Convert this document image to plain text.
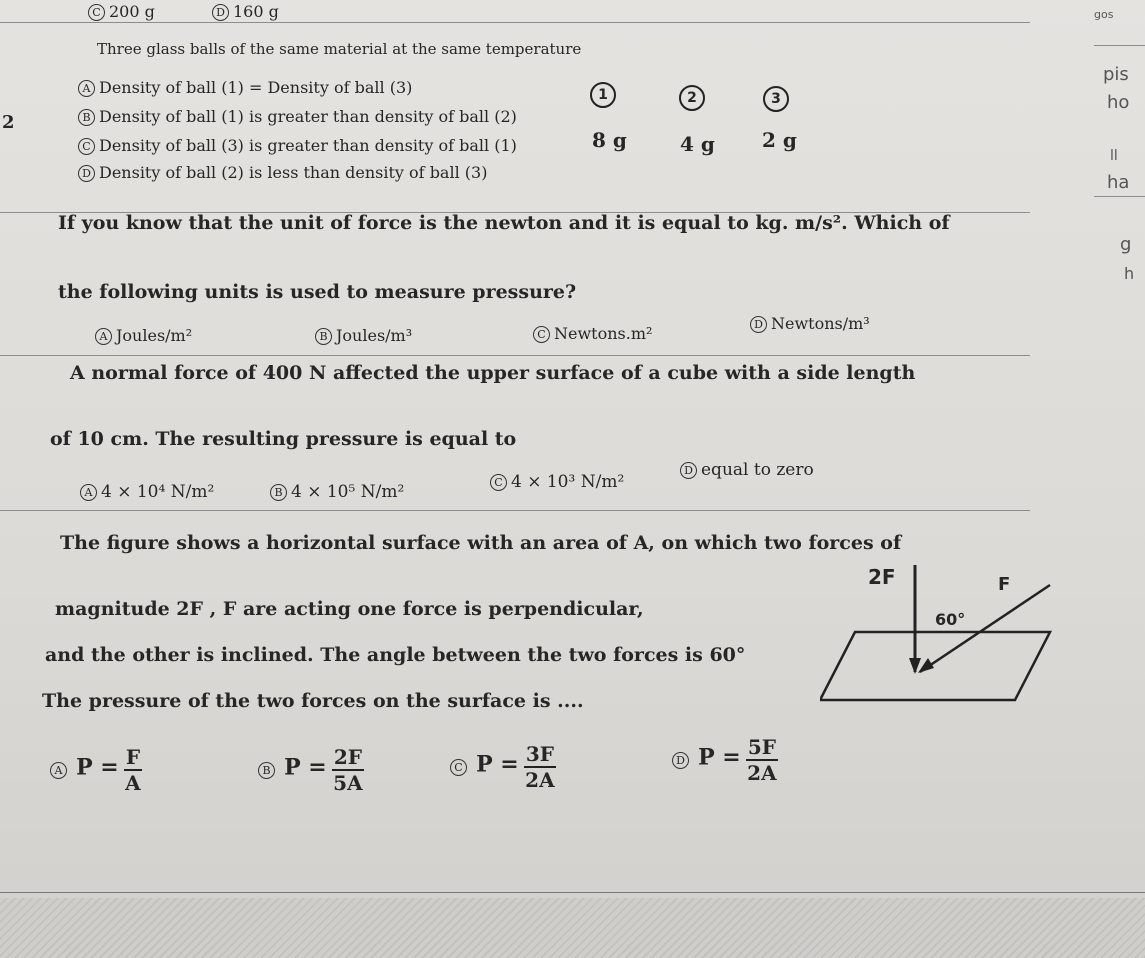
C 200 g	D 160 g	gos
Three glass balls of the same material at the same temperature
2
A Density of ball (1) = Density of ball (3)
B Density of ball (1) is greater than density of ball (2)
C Density of ball (3) is greater than density of ball (1)
D Density of ball (2) is less than density of ball (3)
1	2	3
8 g	4 g 2 g
If you know that the unit of force is the newton and it is equal to kg. m/s². Which of
the following units is used to measure pressure?
A Joules/m²	B Joules/m³	C Newtons.m²	D Newtons/m³
A normal force of 400 N affected the upper surface of a cube with a side length
of 10 cm. The resulting pressure is equal to
A 4 × 10⁴ N/m²	B 4 × 10⁵ N/m²	C 4 × 10³ N/m²
D equal to zero
The figure shows a horizontal surface with an area of A, on which two forces of
magnitude 2F , F are acting one force is perpendicular,
and the other is inclined. The angle between the two forces is 60°
The pressure of the two forces on the surface is ....
2F	F
60°
A $P = \frac{F}{A}$	B $P = \frac{2F}{5A}$	C $P = \frac{3F}{2A}$	D $P = \frac{5F}{2A}$
pis
ho
ll
ha
g
h
